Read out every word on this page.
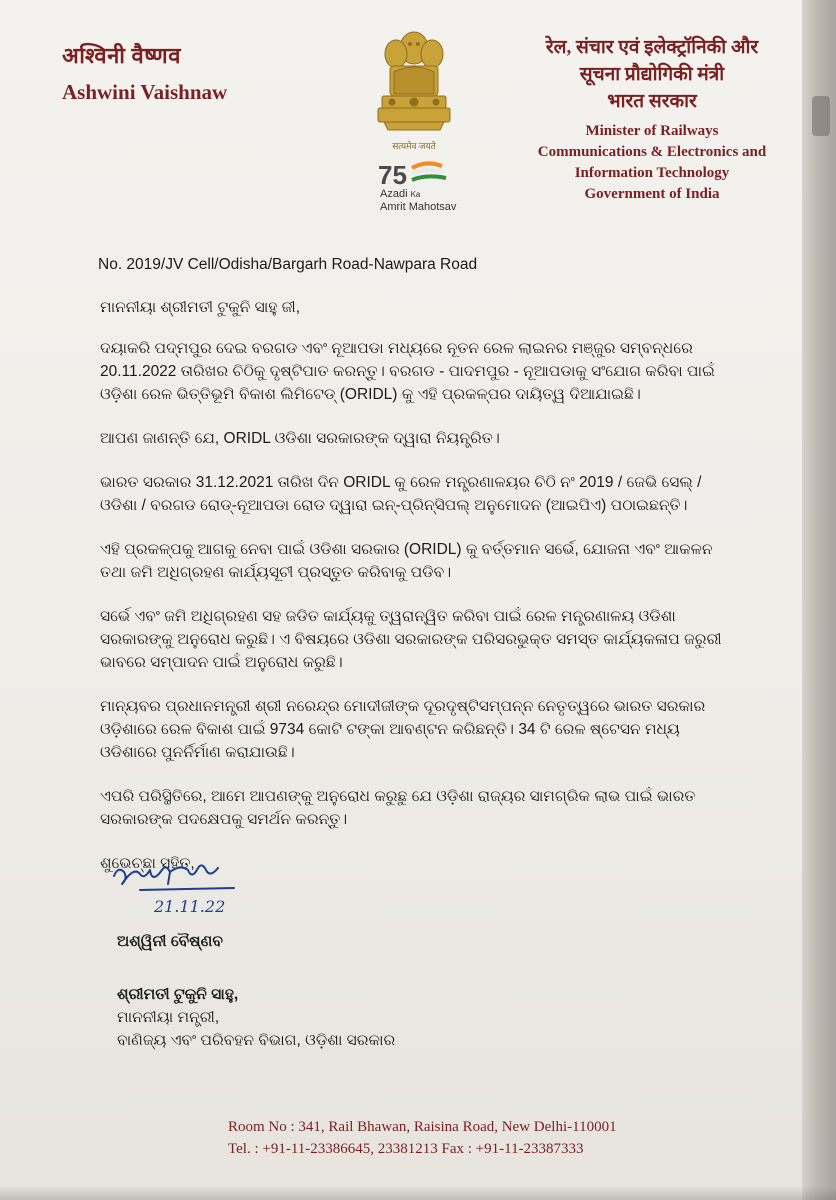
अश्विनी वैष्णव
Ashwini Vaishnaw
सत्यमेव जयते
75
Azadi Ka
Amrit Mahotsav
रेल, संचार एवं इलेक्ट्रॉनिकी और
सूचना प्रौद्योगिकी मंत्री
भारत सरकार
Minister of Railways
Communications & Electronics and
Information Technology
Government of India
No. 2019/JV Cell/Odisha/Bargarh Road-Nawpara Road

ମାନନୀୟା ଶ୍ରୀମତୀ ଟୁକୁନି ସାହୁ ଜୀ,

ଦୟାକରି ପଦ୍ମପୁର ଦେଇ ବରଗଡ ଏବଂ ନୂଆପଡା ମଧ୍ୟରେ ନୂତନ ରେଳ ଲାଇନର ମଞ୍ଜୁର ସମ୍ବନ୍ଧରେ 20.11.2022 ତାରିଖର ଚିଠିକୁ ଦୃଷ୍ଟିପାତ କରନ୍ତୁ। ବରଗଡ - ପାଦମପୁର - ନୂଆପଡାକୁ ସଂଯୋଗ କରିବା ପାଇଁ ଓଡ଼ିଶା ରେଳ ଭିତ୍ତିଭୂମି ବିକାଶ ଲିମିଟେଡ୍ (ORIDL) କୁ ଏହି ପ୍ରକଳ୍ପର ଦାୟିତ୍ୱ ଦିଆଯାଇଛି।

ଆପଣ ଜାଣନ୍ତି ଯେ, ORIDL ଓଡିଶା ସରକାରଙ୍କ ଦ୍ୱାରା ନିୟନ୍ତ୍ରିତ।

ଭାରତ ସରକାର 31.12.2021 ତାରିଖ ଦିନ ORIDL କୁ ରେଳ ମନ୍ତ୍ରଣାଳୟର ଚିଠି ନଂ 2019 / ଜେଭି ସେଲ୍ / ଓଡିଶା / ବରଗଡ ରୋଡ୍-ନୂଆପଡା ରୋଡ ଦ୍ୱାରା ଇନ୍-ପ୍ରିନ୍ସିପଲ୍ ଅନୁମୋଦନ (ଆଇପିଏ) ପଠାଇଛନ୍ତି।

ଏହି ପ୍ରକଳ୍ପକୁ ଆଗକୁ ନେବା ପାଇଁ ଓଡିଶା ସରକାର (ORIDL) କୁ ବର୍ତ୍ତମାନ ସର୍ଭେ, ଯୋଜନା ଏବଂ ଆକଳନ ତଥା ଜମି ଅଧିଗ୍ରହଣ କାର୍ଯ୍ୟସୂଚୀ ପ୍ରସ୍ତୁତ କରିବାକୁ ପଡିବ।

ସର୍ଭେ ଏବଂ ଜମି ଅଧିଗ୍ରହଣ ସହ ଜଡିତ କାର୍ଯ୍ୟକୁ ତ୍ୱରାନ୍ୱିତ କରିବା ପାଇଁ ରେଳ ମନ୍ତ୍ରଣାଳୟ ଓଡିଶା ସରକାରଙ୍କୁ ଅନୁରୋଧ କରୁଛି। ଏ ବିଷୟରେ ଓଡିଶା ସରକାରଙ୍କ ପରିସରଭୁକ୍ତ ସମସ୍ତ କାର୍ଯ୍ୟକଳାପ ଜରୁରୀ ଭାବରେ ସମ୍ପାଦନ ପାଇଁ ଅନୁରୋଧ କରୁଛି।

ମାନ୍ୟବର ପ୍ରଧାନମନ୍ତ୍ରୀ ଶ୍ରୀ ନରେନ୍ଦ୍ର ମୋଦୀଜୀଙ୍କ ଦୂରଦୃଷ୍ଟିସମ୍ପନ୍ନ ନେତୃତ୍ୱରେ ଭାରତ ସରକାର ଓଡ଼ିଶାରେ ରେଳ ବିକାଶ ପାଇଁ 9734 କୋଟି ଟଙ୍କା ଆବଣ୍ଟନ କରିଛନ୍ତି। 34 ଟି ରେଳ ଷ୍ଟେସନ ମଧ୍ୟ ଓଡିଶାରେ ପୁନର୍ନିର୍ମାଣ କରାଯାଉଛି।

ଏପରି ପରିସ୍ଥିତିରେ, ଆମେ ଆପଣଙ୍କୁ ଅନୁରୋଧ କରୁଛୁ ଯେ ଓଡ଼ିଶା ରାଜ୍ୟର ସାମଗ୍ରିକ ଲାଭ ପାଇଁ ଭାରତ ସରକାରଙ୍କ ପଦକ୍ଷେପକୁ ସମର୍ଥନ କରନ୍ତୁ।

ଶୁଭେଚ୍ଛା ସହିତ,

21.11.22
ଅଶ୍ୱିନୀ ବୈଷ୍ଣବ

ଶ୍ରୀମତୀ ଟୁକୁନି ସାହୁ,

ମାନନୀୟା ମନ୍ତ୍ରୀ,

ବାଣିଜ୍ୟ ଏବଂ ପରିବହନ ବିଭାଗ, ଓଡ଼ିଶା ସରକାର

Room No : 341, Rail Bhawan, Raisina Road, New Delhi-110001
Tel. : +91-11-23386645, 23381213 Fax : +91-11-23387333
